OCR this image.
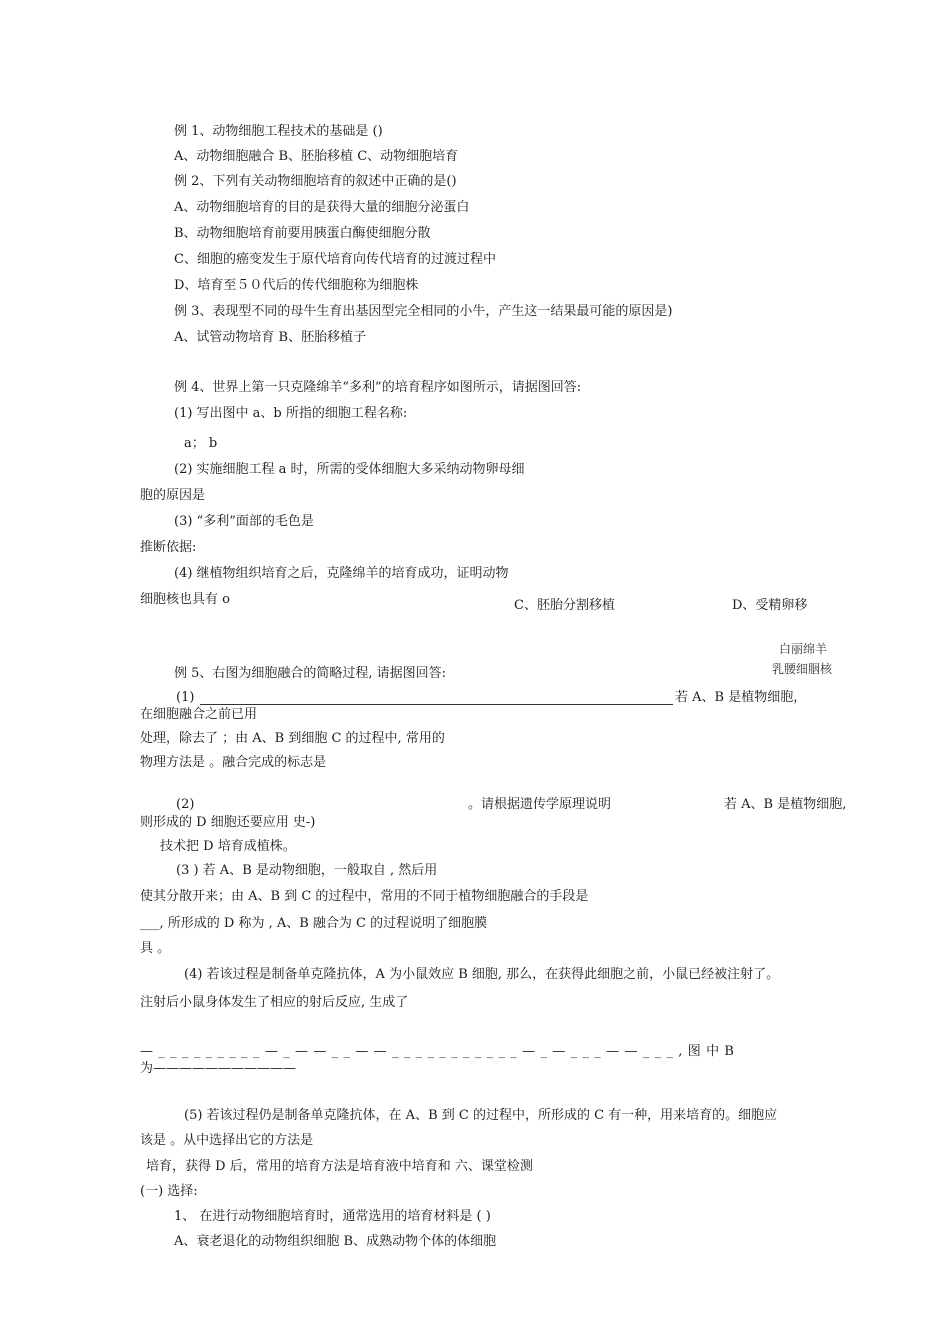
例 1、动物细胞工程技术的基础是 ()
A、动物细胞融合 B、胚胎移植 C、动物细胞培育
例 2、下列有关动物细胞培育的叙述中正确的是()
A、动物细胞培育的目的是获得大量的细胞分泌蛋白
B、动物细胞培育前要用胰蛋白酶使细胞分散
C、细胞的癌变发生于原代培育向传代培育的过渡过程中
D、培育至５０代后的传代细胞称为细胞株
例 3、表现型不同的母牛生育出基因型完全相同的小牛，产生这一结果最可能的原因是)
A、试管动物培育 B、胚胎移植子
例 4、世界上第一只克隆绵羊“多利”的培育程序如图所示，请据图回答:
(1) 写出图中 a、b 所指的细胞工程名称:
a； b
(2) 实施细胞工程 a 时，所需的受体细胞大多采纳动物卵母细
胞的原因是
(3) “多利”面部的毛色是
推断依据:
(4) 继植物组织培育之后，克隆绵羊的培育成功，证明动物
细胞核也具有 o	C、胚胎分割移植	D、受精卵移
白丽绵羊
乳腰细胭核
例 5、右图为细胞融合的简略过程, 请据图回答:
(1)	若 A、B 是植物细胞，
在细胞融合之前已用
处理，除去了 ；由 A、B 到细胞 C 的过程中, 常用的
物理方法是 。融合完成的标志是
(2)	。请根据遗传学原理说明	若 A、B 是植物细胞,
则形成的 D 细胞还要应用 史-)
技术把 D 培育成植株。
(3 ) 若 A、B 是动物细胞，一般取自 , 然后用
使其分散开来；由 A、B 到 C 的过程中，常用的不同于植物细胞融合的手段是
___, 所形成的 D 称为 , A、B 融合为 C 的过程说明了细胞膜
具 。
(4) 若该过程是制备单克隆抗体，A 为小鼠效应 B 细胞, 那么，在获得此细胞之前，小鼠已经被注射了。
注射后小鼠身体发生了相应的射后反应, 生成了
— _ _ _ _ _ _ _ _ _ — _ — — _ _ — — _ _ _ _ _ _ _ _ _ _ _ — _ — _ _ _ — — _ _ _ , 图 中 B
为———————————
(5) 若该过程仍是制备单克隆抗体，在 A、B 到 C 的过程中，所形成的 C 有一种，用来培育的。细胞应
该是 。从中选择出它的方法是
培育，获得 D 后，常用的培育方法是培育液中培育和 六、课堂检测
(一) 选择:
1、 在进行动物细胞培育时，通常选用的培育材料是 ( )
A、衰老退化的动物组织细胞 B、成熟动物个体的体细胞
